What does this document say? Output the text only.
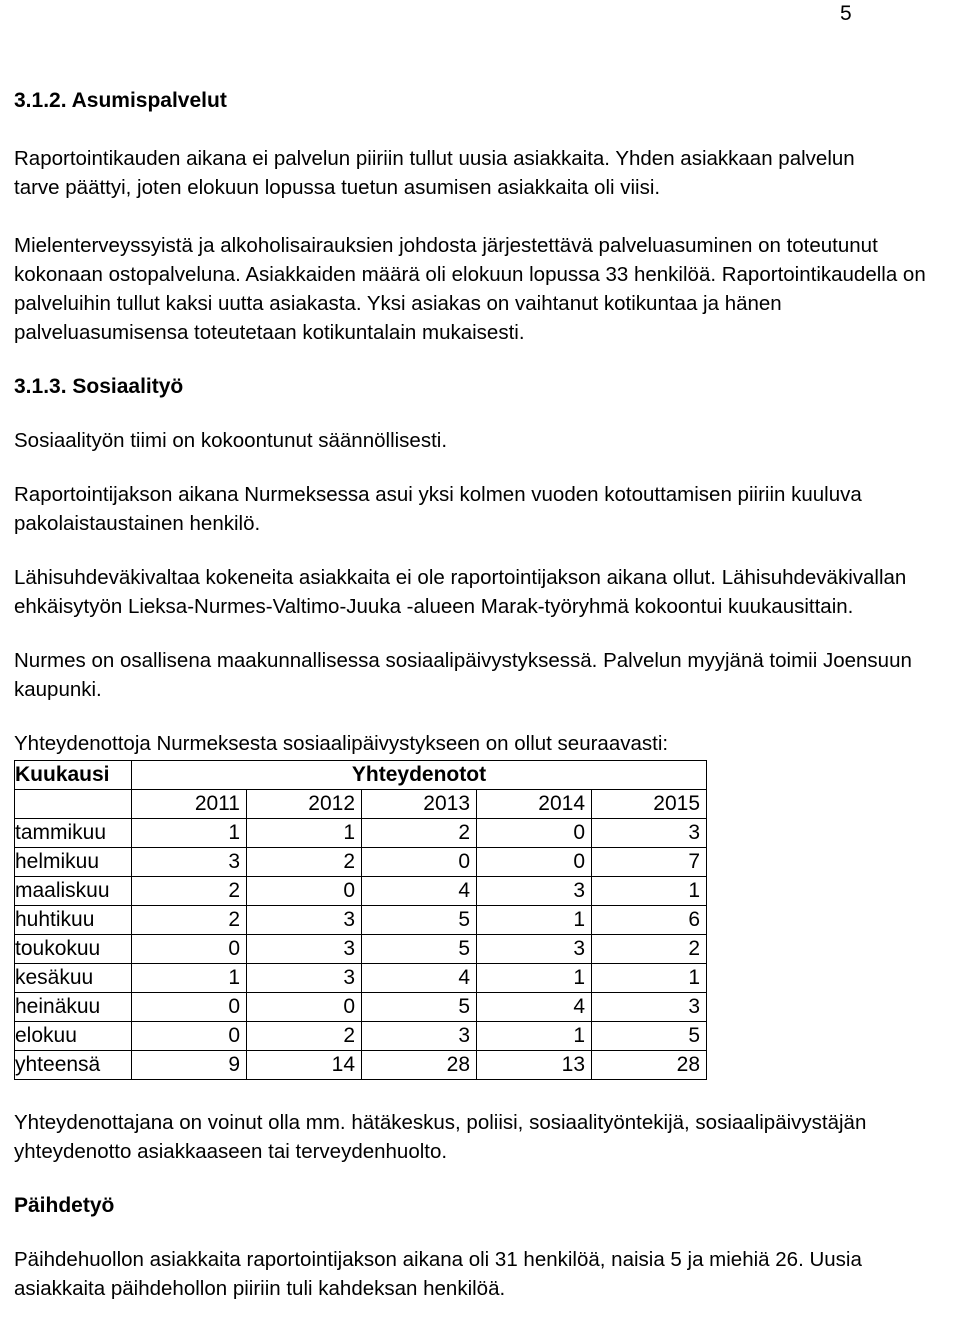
5

3.1.2. Asumispalvelut

Raportointikauden aikana ei palvelun piiriin tullut uusia asiakkaita. Yhden asiakkaan palvelun tarve päättyi, joten elokuun lopussa tuetun asumisen asiakkaita oli viisi.

Mielenterveyssyistä ja alkoholisairauksien johdosta järjestettävä palveluasuminen on toteutunut kokonaan ostopalveluna. Asiakkaiden määrä oli elokuun lopussa 33 henkilöä. Raportointikaudella on palveluihin tullut kaksi uutta asiakasta. Yksi asiakas on vaihtanut kotikuntaa ja hänen palveluasumisensa toteutetaan kotikuntalain mukaisesti.

3.1.3. Sosiaalityö

Sosiaalityön tiimi on kokoontunut säännöllisesti.

Raportointijakson aikana Nurmeksessa asui yksi kolmen vuoden kotouttamisen piiriin kuuluva pakolaistaustainen henkilö.

Lähisuhdeväkivaltaa kokeneita asiakkaita ei ole raportointijakson aikana ollut. Lähisuhdeväkivallan ehkäisytyön Lieksa-Nurmes-Valtimo-Juuka -alueen Marak-työryhmä kokoontui kuukausittain.

Nurmes on osallisena maakunnallisessa sosiaalipäivystyksessä. Palvelun myyjänä toimii Joensuun kaupunki.

Yhteydenottoja Nurmeksesta sosiaalipäivystykseen on ollut seuraavasti:

Kuukausi	Yhteydenotot				
	2011	2012	2013	2014	2015
tammikuu	1	1	2	0	3
helmikuu	3	2	0	0	7
maaliskuu	2	0	4	3	1
huhtikuu	2	3	5	1	6
toukokuu	0	3	5	3	2
kesäkuu	1	3	4	1	1
heinäkuu	0	0	5	4	3
elokuu	0	2	3	1	5
yhteensä	9	14	28	13	28

Yhteydenottajana on voinut olla mm. hätäkeskus, poliisi, sosiaalityöntekijä, sosiaalipäivystäjän yhteydenotto asiakkaaseen tai terveydenhuolto.

Päihdetyö

Päihdehuollon asiakkaita raportointijakson aikana oli 31 henkilöä, naisia 5 ja miehiä 26. Uusia asiakkaita päihdehollon piiriin tuli kahdeksan henkilöä.
